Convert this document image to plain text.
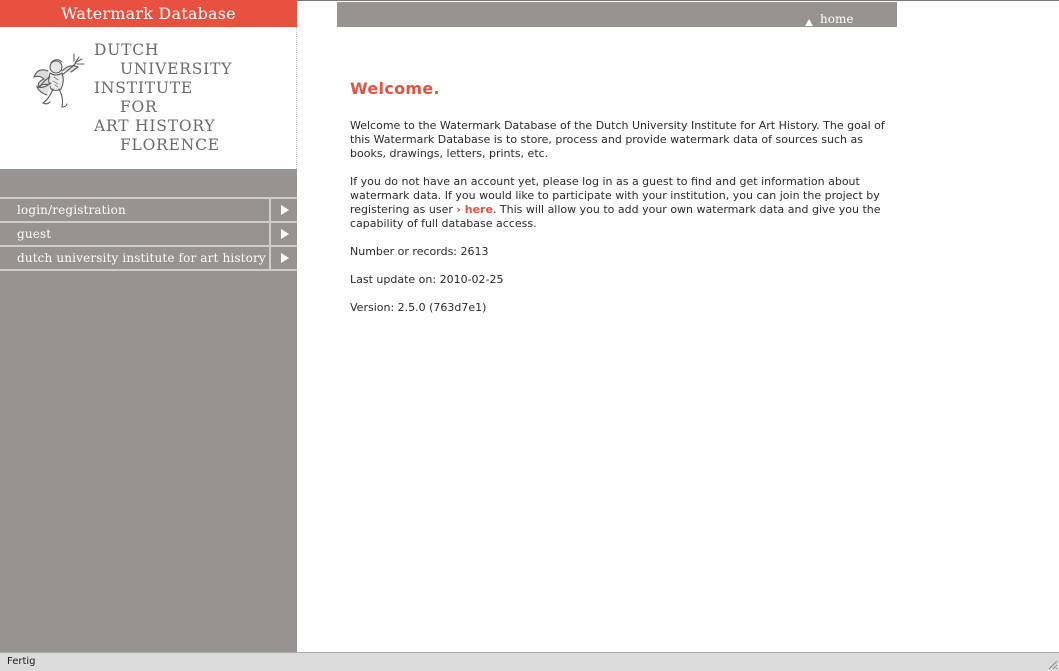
Watermark Database
DUTCH
UNIVERSITY
INSTITUTE
FOR
ART HISTORY
FLORENCE
login/registration
guest
dutch university institute for art history
home
Welcome.

Welcome to the Watermark Database of the Dutch University Institute for Art History. The goal of this Watermark Database is to store, process and provide watermark data of sources such as books, drawings, letters, prints, etc.

If you do not have an account yet, please log in as a guest to find and get information about watermark data. If you would like to participate with your institution, you can join the project by registering as user › here. This will allow you to add your own watermark data and give you the capability of full database access.

Number or records: 2613

Last update on: 2010-02-25

Version: 2.5.0 (763d7e1)

Fertig
